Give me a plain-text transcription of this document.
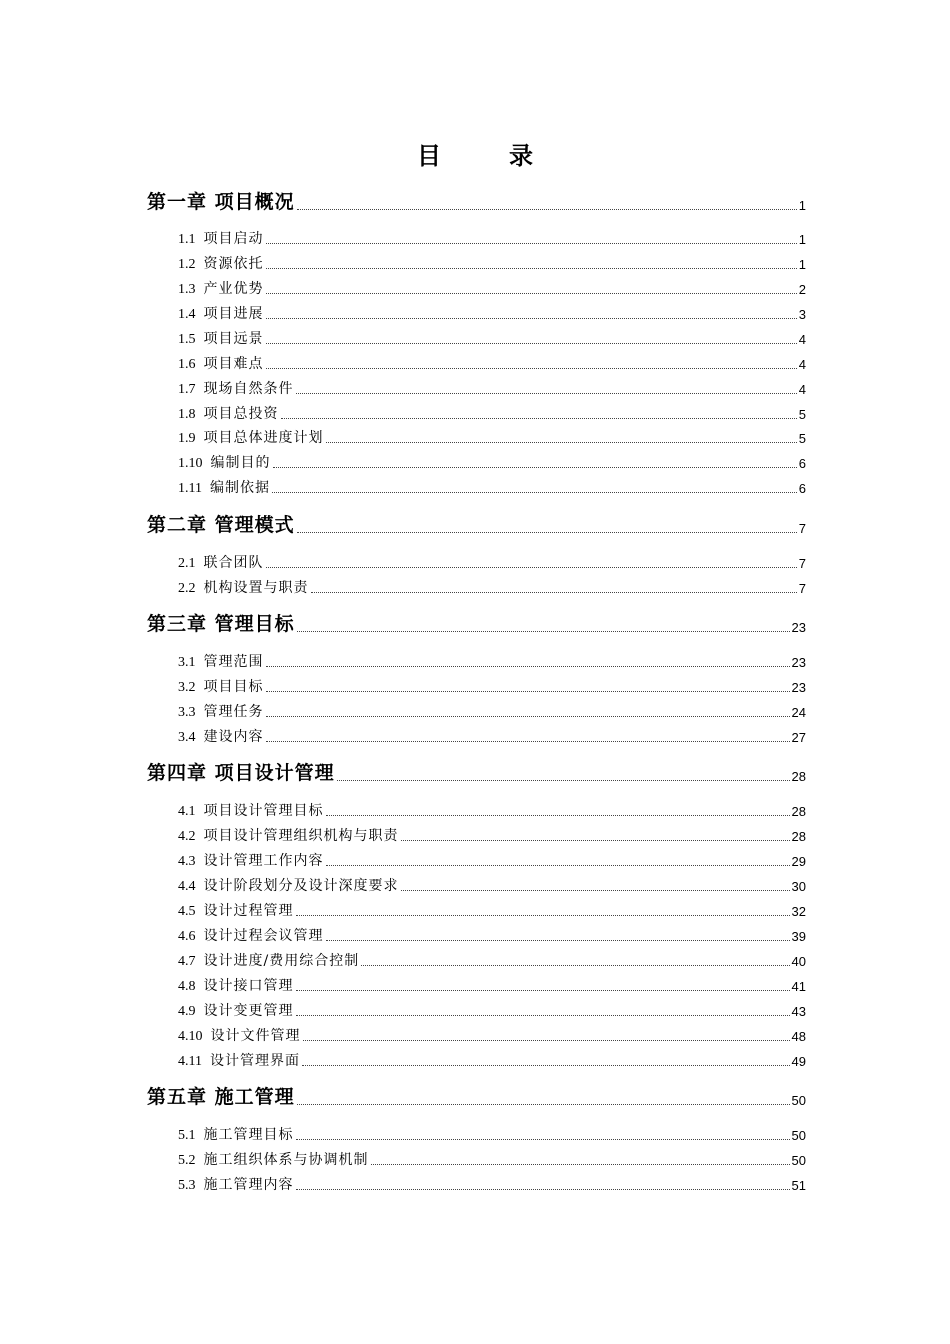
目　录
第一章 项目概况	1
1.1 项目启动	1
1.2 资源依托	1
1.3 产业优势	2
1.4 项目进展	3
1.5 项目远景	4
1.6 项目难点	4
1.7 现场自然条件	4
1.8 项目总投资	5
1.9 项目总体进度计划	5
1.10 编制目的	6
1.11 编制依据	6
第二章 管理模式	7
2.1 联合团队	7
2.2 机构设置与职责	7
第三章 管理目标	23
3.1 管理范围	23
3.2 项目目标	23
3.3 管理任务	24
3.4 建设内容	27
第四章 项目设计管理	28
4.1 项目设计管理目标	28
4.2 项目设计管理组织机构与职责	28
4.3 设计管理工作内容	29
4.4 设计阶段划分及设计深度要求	30
4.5 设计过程管理	32
4.6 设计过程会议管理	39
4.7 设计进度/费用综合控制	40
4.8 设计接口管理	41
4.9 设计变更管理	43
4.10 设计文件管理	48
4.11 设计管理界面	49
第五章 施工管理	50
5.1 施工管理目标	50
5.2 施工组织体系与协调机制	50
5.3 施工管理内容	51
